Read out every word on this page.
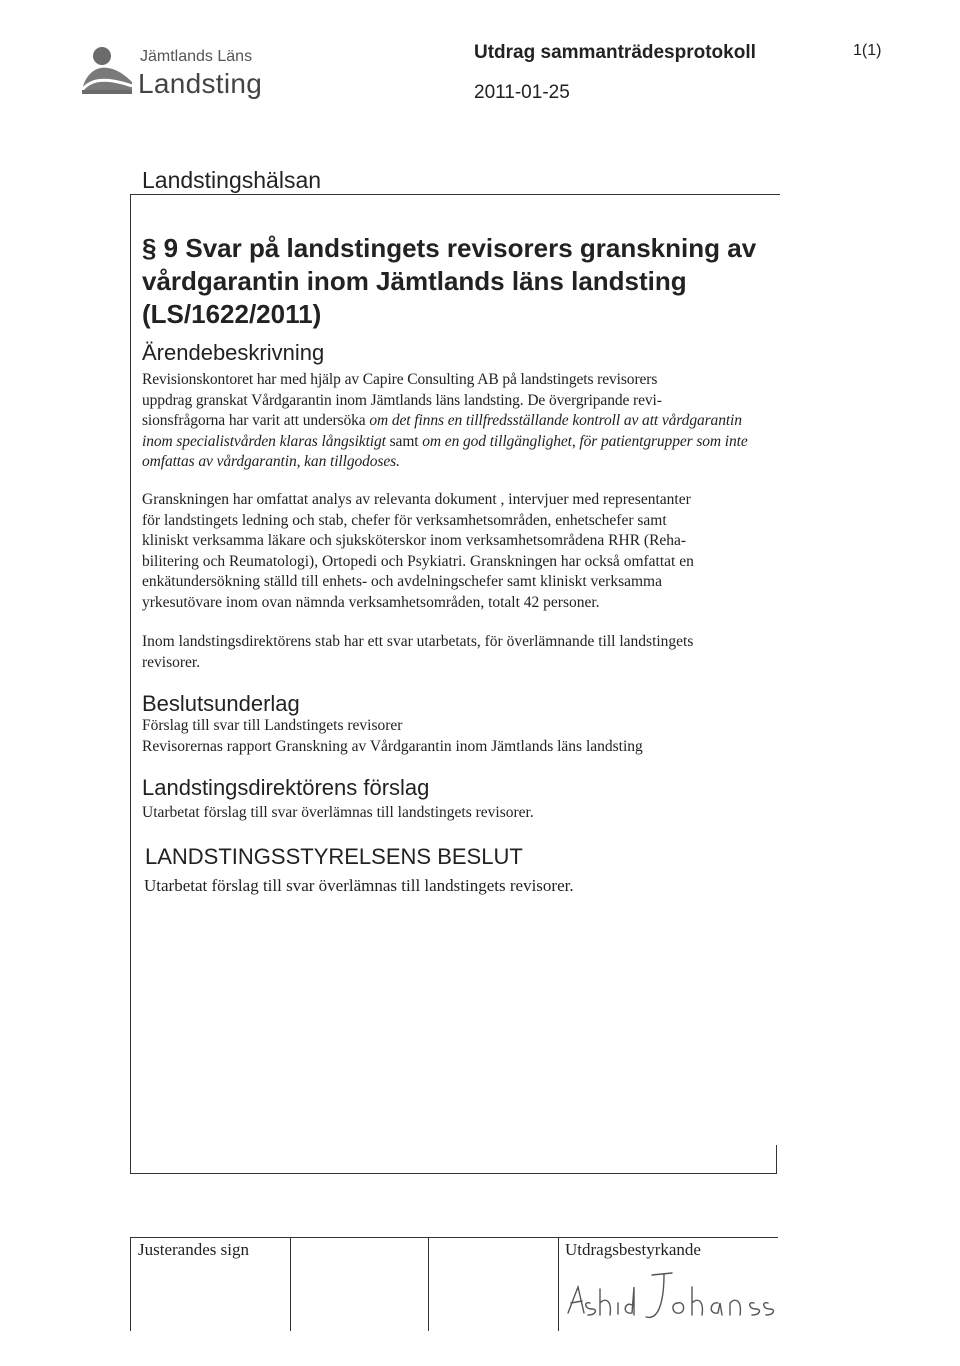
Jämtlands Läns
Landsting
Utdrag sammanträdesprotokoll
2011-01-25
1(1)
Landstingshälsan
§ 9 Svar på landstingets revisorers granskning av
vårdgarantin inom Jämtlands läns landsting
(LS/1622/2011)
Ärendebeskrivning
Revisionskontoret har med hjälp av Capire Consulting AB på landstingets revisorers
uppdrag granskat Vårdgarantin inom Jämtlands läns landsting. De övergripande revi-
sionsfrågorna har varit att undersöka om det finns en tillfredsställande kontroll av att vårdgarantin
inom specialistvården klaras långsiktigt samt om en god tillgänglighet, för patientgrupper som inte
omfattas av vårdgarantin, kan tillgodoses.
Granskningen har omfattat analys av relevanta dokument , intervjuer med representanter
för landstingets ledning och stab, chefer för verksamhetsområden, enhetschefer samt
kliniskt verksamma läkare och sjuksköterskor inom verksamhetsområdena RHR (Reha-
bilitering och Reumatologi), Ortopedi och Psykiatri. Granskningen har också omfattat en
enkätundersökning ställd till enhets- och avdelningschefer samt kliniskt verksamma
yrkesutövare inom ovan nämnda verksamhetsområden, totalt 42 personer.
Inom landstingsdirektörens stab har ett svar utarbetats, för överlämnande till landstingets
revisorer.
Beslutsunderlag
Förslag till svar till Landstingets revisorer
Revisorernas rapport Granskning av Vårdgarantin inom Jämtlands läns landsting
Landstingsdirektörens förslag
Utarbetat förslag till svar överlämnas till landstingets revisorer.
LANDSTINGSSTYRELSENS BESLUT
Utarbetat förslag till svar överlämnas till landstingets revisorer.
Justerandes sign	Utdragsbestyrkande
